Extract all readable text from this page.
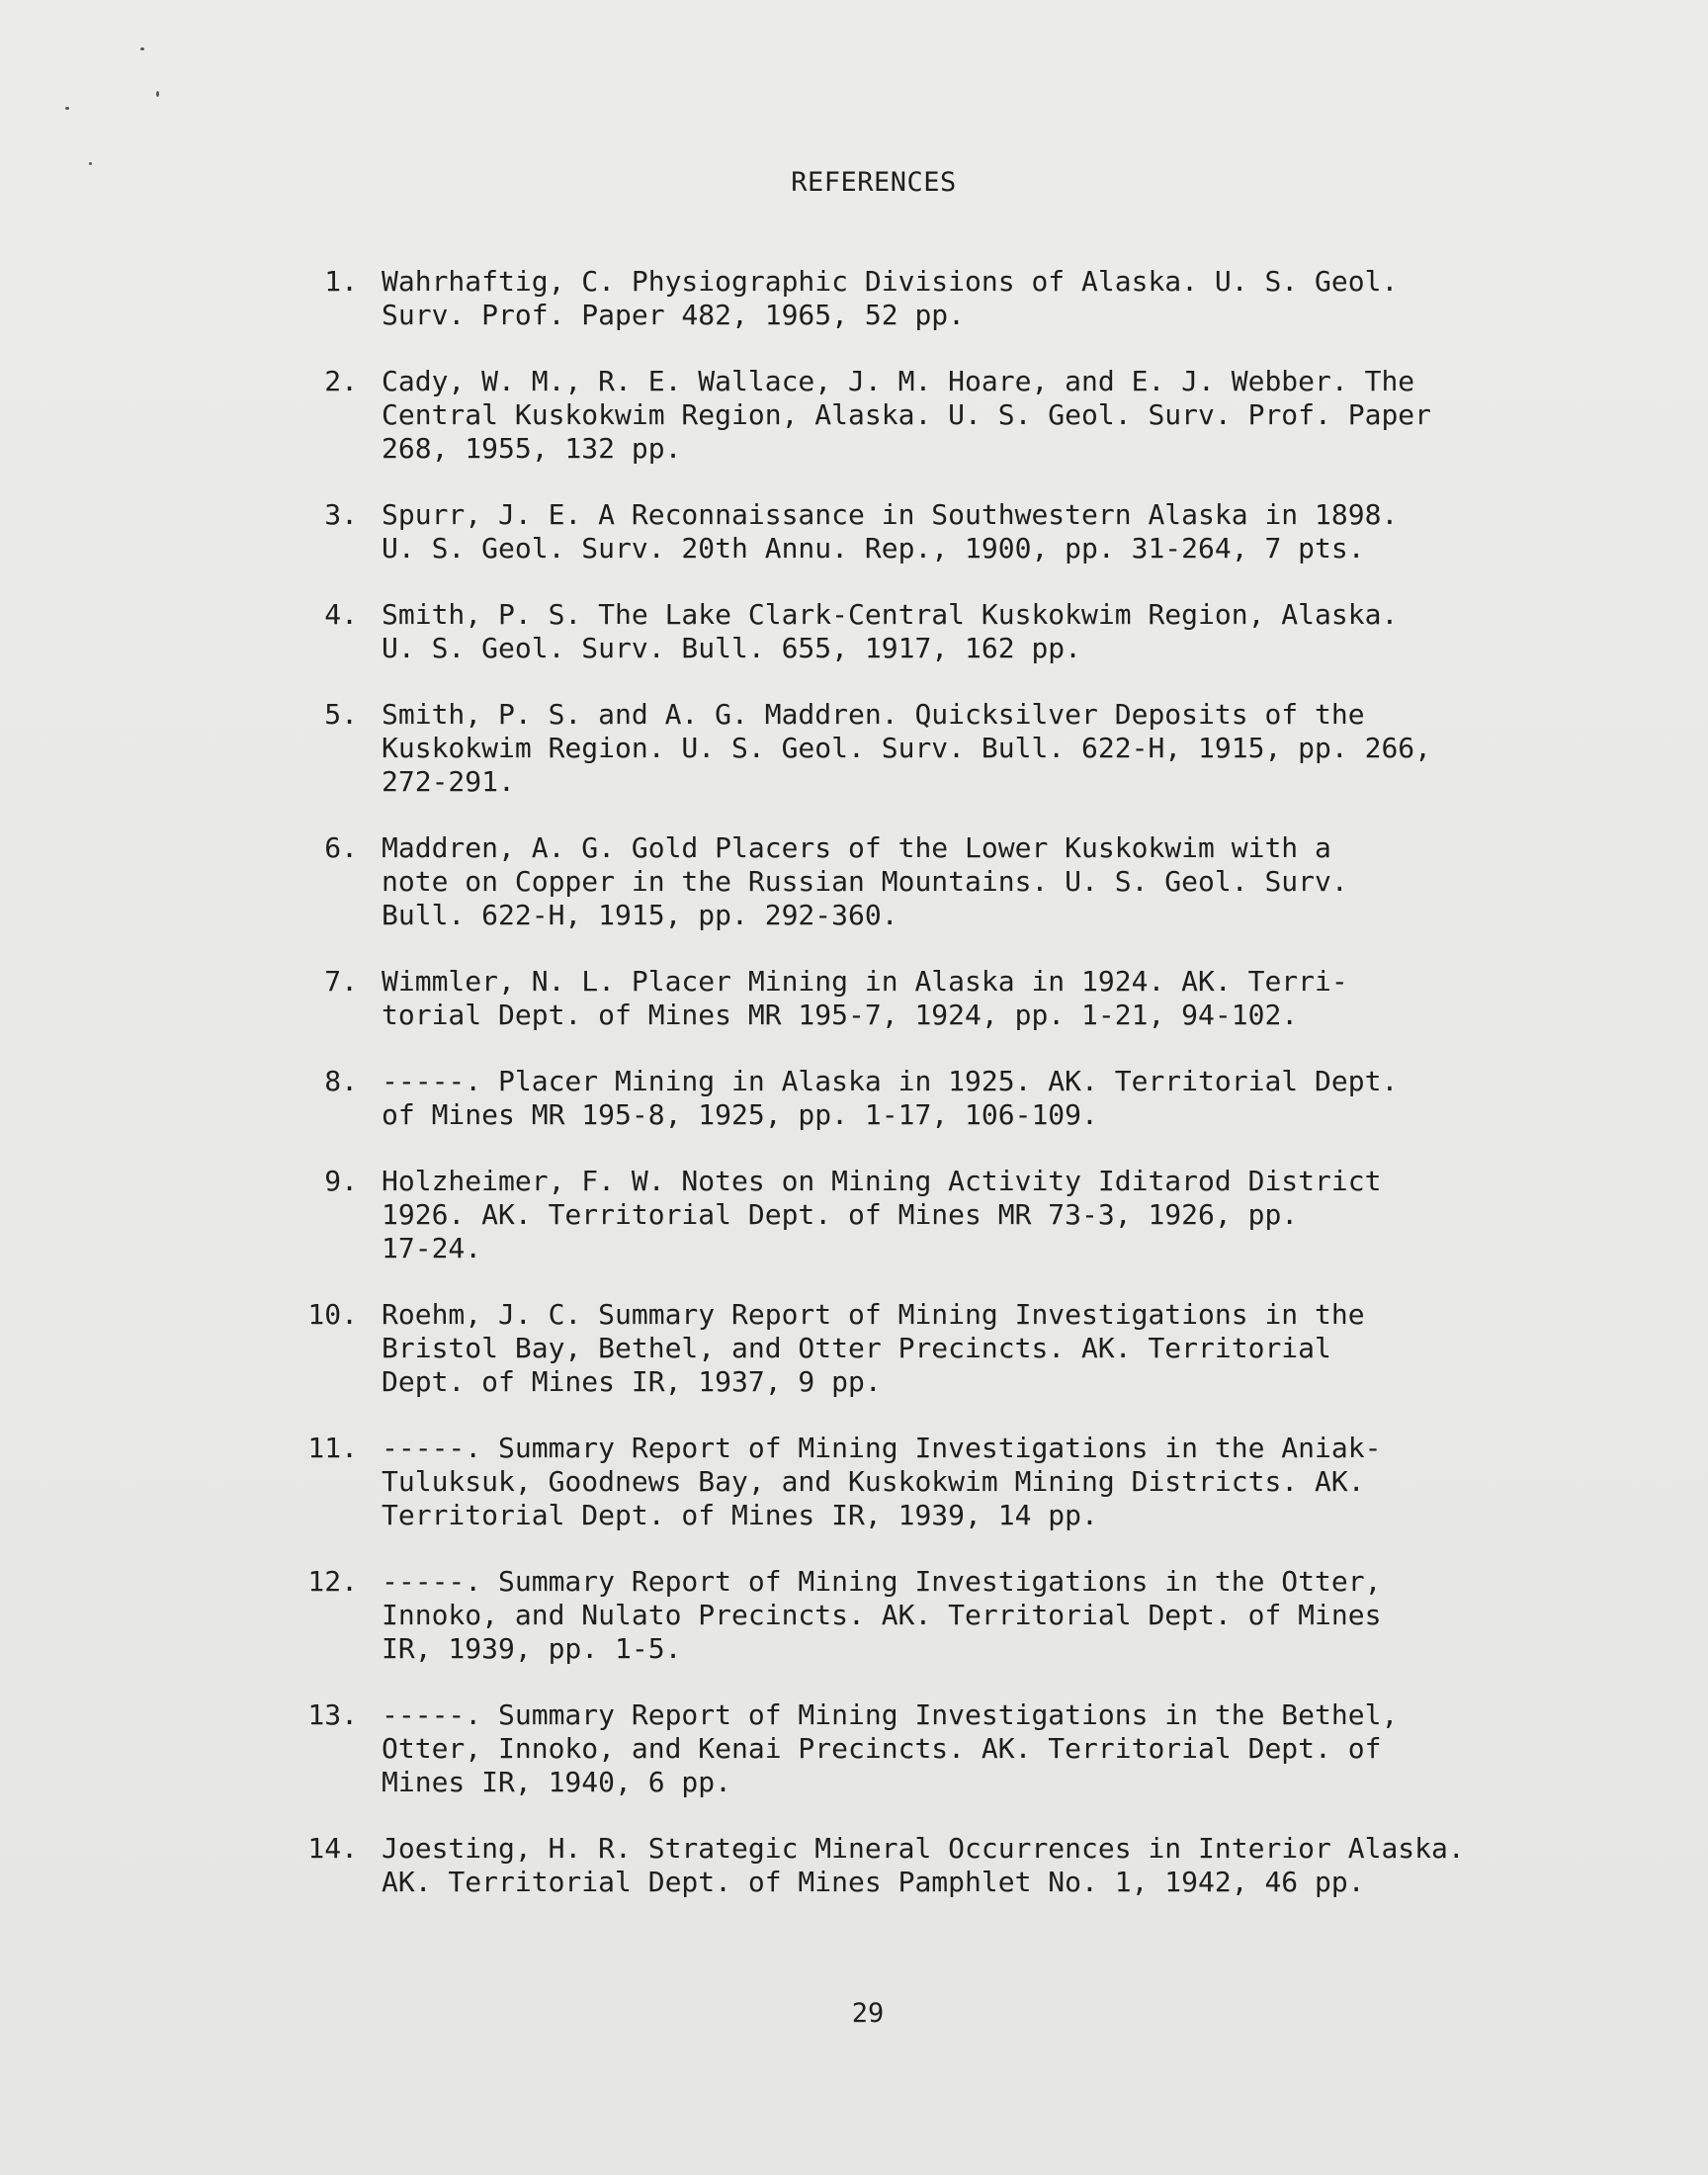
REFERENCES
1. Wahrhaftig, C. Physiographic Divisions of Alaska. U. S. Geol.
Surv. Prof. Paper 482, 1965, 52 pp.
2. Cady, W. M., R. E. Wallace, J. M. Hoare, and E. J. Webber. The
Central Kuskokwim Region, Alaska. U. S. Geol. Surv. Prof. Paper
268, 1955, 132 pp.
3. Spurr, J. E. A Reconnaissance in Southwestern Alaska in 1898.
U. S. Geol. Surv. 20th Annu. Rep., 1900, pp. 31-264, 7 pts.
4. Smith, P. S. The Lake Clark-Central Kuskokwim Region, Alaska.
U. S. Geol. Surv. Bull. 655, 1917, 162 pp.
5. Smith, P. S. and A. G. Maddren. Quicksilver Deposits of the
Kuskokwim Region. U. S. Geol. Surv. Bull. 622-H, 1915, pp. 266,
272-291.
6. Maddren, A. G. Gold Placers of the Lower Kuskokwim with a
note on Copper in the Russian Mountains. U. S. Geol. Surv.
Bull. 622-H, 1915, pp. 292-360.
7. Wimmler, N. L. Placer Mining in Alaska in 1924. AK. Terri-
torial Dept. of Mines MR 195-7, 1924, pp. 1-21, 94-102.
8. -----. Placer Mining in Alaska in 1925. AK. Territorial Dept.
of Mines MR 195-8, 1925, pp. 1-17, 106-109.
9. Holzheimer, F. W. Notes on Mining Activity Iditarod District
1926. AK. Territorial Dept. of Mines MR 73-3, 1926, pp.
17-24.
10. Roehm, J. C. Summary Report of Mining Investigations in the
Bristol Bay, Bethel, and Otter Precincts. AK. Territorial
Dept. of Mines IR, 1937, 9 pp.
11. -----. Summary Report of Mining Investigations in the Aniak-
Tuluksuk, Goodnews Bay, and Kuskokwim Mining Districts. AK.
Territorial Dept. of Mines IR, 1939, 14 pp.
12. -----. Summary Report of Mining Investigations in the Otter,
Innoko, and Nulato Precincts. AK. Territorial Dept. of Mines
IR, 1939, pp. 1-5.
13. -----. Summary Report of Mining Investigations in the Bethel,
Otter, Innoko, and Kenai Precincts. AK. Territorial Dept. of
Mines IR, 1940, 6 pp.
14. Joesting, H. R. Strategic Mineral Occurrences in Interior Alaska.
AK. Territorial Dept. of Mines Pamphlet No. 1, 1942, 46 pp.
29
